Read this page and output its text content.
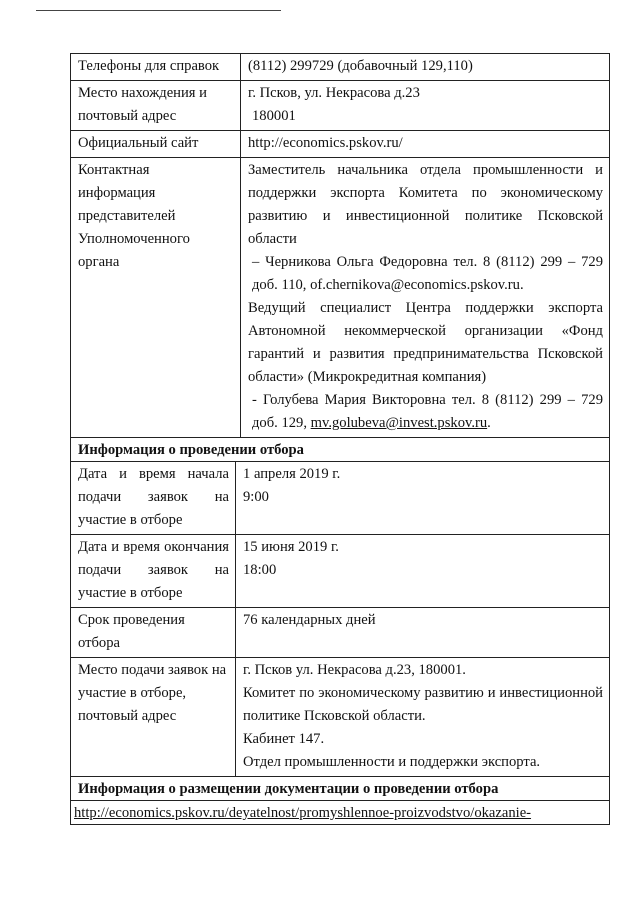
Телефоны для справок	(8112) 299729 (добавочный 129,110)
Место нахождения и почтовый адрес
г. Псков, ул. Некрасова д.23
180001
Официальный сайт	http://economics.pskov.ru/
Контактная информация представителей Уполномоченного органа

Заместитель начальника отдела промышленности и поддержки экспорта Комитета по экономическому развитию и инвестиционной политике Псковской области

– Черникова Ольга Федоровна тел. 8 (8112) 299 – 729 доб. 110, of.chernikova@economics.pskov.ru.

Ведущий специалист Центра поддержки экспорта Автономной некоммерческой организации «Фонд гарантий и развития предпринимательства Псковской области» (Микрокредитная компания)

- Голубева Мария Викторовна тел. 8 (8112) 299 – 729 доб. 129, mv.golubeva@invest.pskov.ru.

Информация о проведении отбора
Дата и время начала подачи заявок на участие в отборе
1 апреля 2019 г.
9:00
Дата и время окончания подачи заявок на участие в отборе
15 июня 2019 г.
18:00
Срок проведения отбора
76 календарных дней
Место подачи заявок на участие в отборе, почтовый адрес
г. Псков ул. Некрасова д.23, 180001.
Комитет по экономическому развитию и инвестиционной политике Псковской области.
Кабинет 147.
Отдел промышленности и поддержки экспорта.
Информация о размещении документации о проведении отбора
http://economics.pskov.ru/deyatelnost/promyshlennoe-proizvodstvo/okazanie-
